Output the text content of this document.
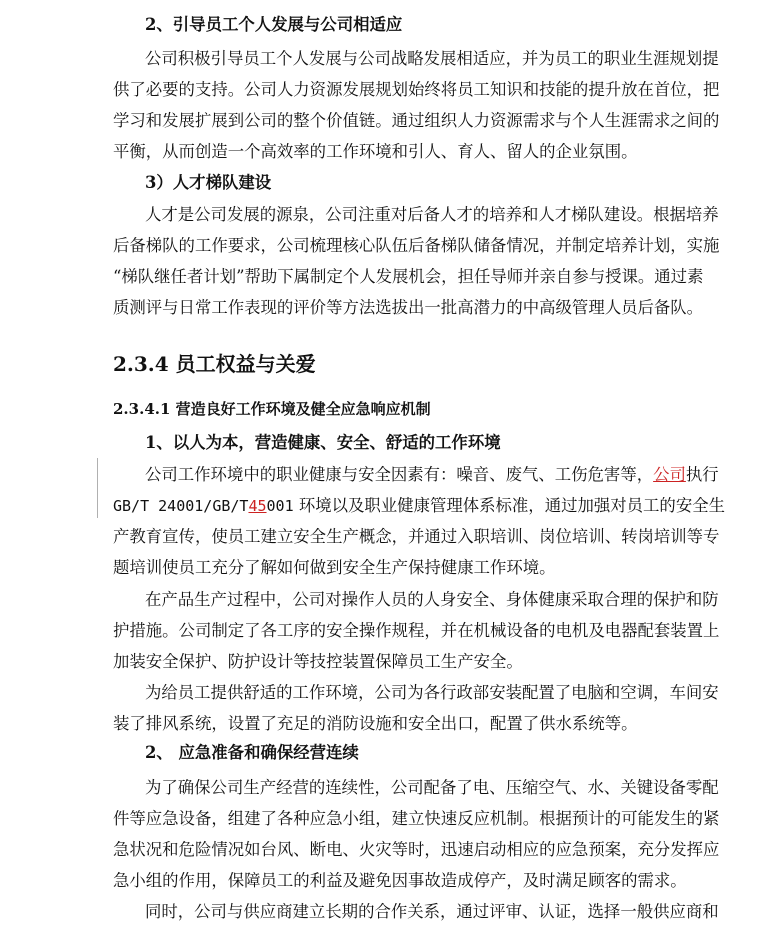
2、引导员工个人发展与公司相适应
公司积极引导员工个人发展与公司战略发展相适应，并为员工的职业生涯规划提
供了必要的支持。公司人力资源发展规划始终将员工知识和技能的提升放在首位，把
学习和发展扩展到公司的整个价值链。通过组织人力资源需求与个人生涯需求之间的
平衡，从而创造一个高效率的工作环境和引人、育人、留人的企业氛围。
3）人才梯队建设
人才是公司发展的源泉，公司注重对后备人才的培养和人才梯队建设。根据培养
后备梯队的工作要求，公司梳理核心队伍后备梯队储备情况，并制定培养计划，实施
“梯队继任者计划”帮助下属制定个人发展机会，担任导师并亲自参与授课。通过素
质测评与日常工作表现的评价等方法选拔出一批高潜力的中高级管理人员后备队。
2.3.4 员工权益与关爱
2.3.4.1 营造良好工作环境及健全应急响应机制
1、以人为本，营造健康、安全、舒适的工作环境
公司工作环境中的职业健康与安全因素有：噪音、废气、工伤危害等，公司执行
GB/T 24001/GB/T45001 环境以及职业健康管理体系标准，通过加强对员工的安全生
产教育宣传，使员工建立安全生产概念，并通过入职培训、岗位培训、转岗培训等专
题培训使员工充分了解如何做到安全生产保持健康工作环境。
在产品生产过程中，公司对操作人员的人身安全、身体健康采取合理的保护和防
护措施。公司制定了各工序的安全操作规程，并在机械设备的电机及电器配套装置上
加装安全保护、防护设计等技控装置保障员工生产安全。
为给员工提供舒适的工作环境，公司为各行政部安装配置了电脑和空调，车间安
装了排风系统，设置了充足的消防设施和安全出口，配置了供水系统等。
2、 应急准备和确保经营连续
为了确保公司生产经营的连续性，公司配备了电、压缩空气、水、关键设备零配
件等应急设备，组建了各种应急小组，建立快速反应机制。根据预计的可能发生的紧
急状况和危险情况如台风、断电、火灾等时，迅速启动相应的应急预案，充分发挥应
急小组的作用，保障员工的利益及避免因事故造成停产，及时满足顾客的需求。
同时，公司与供应商建立长期的合作关系，通过评审、认证，选择一般供应商和
